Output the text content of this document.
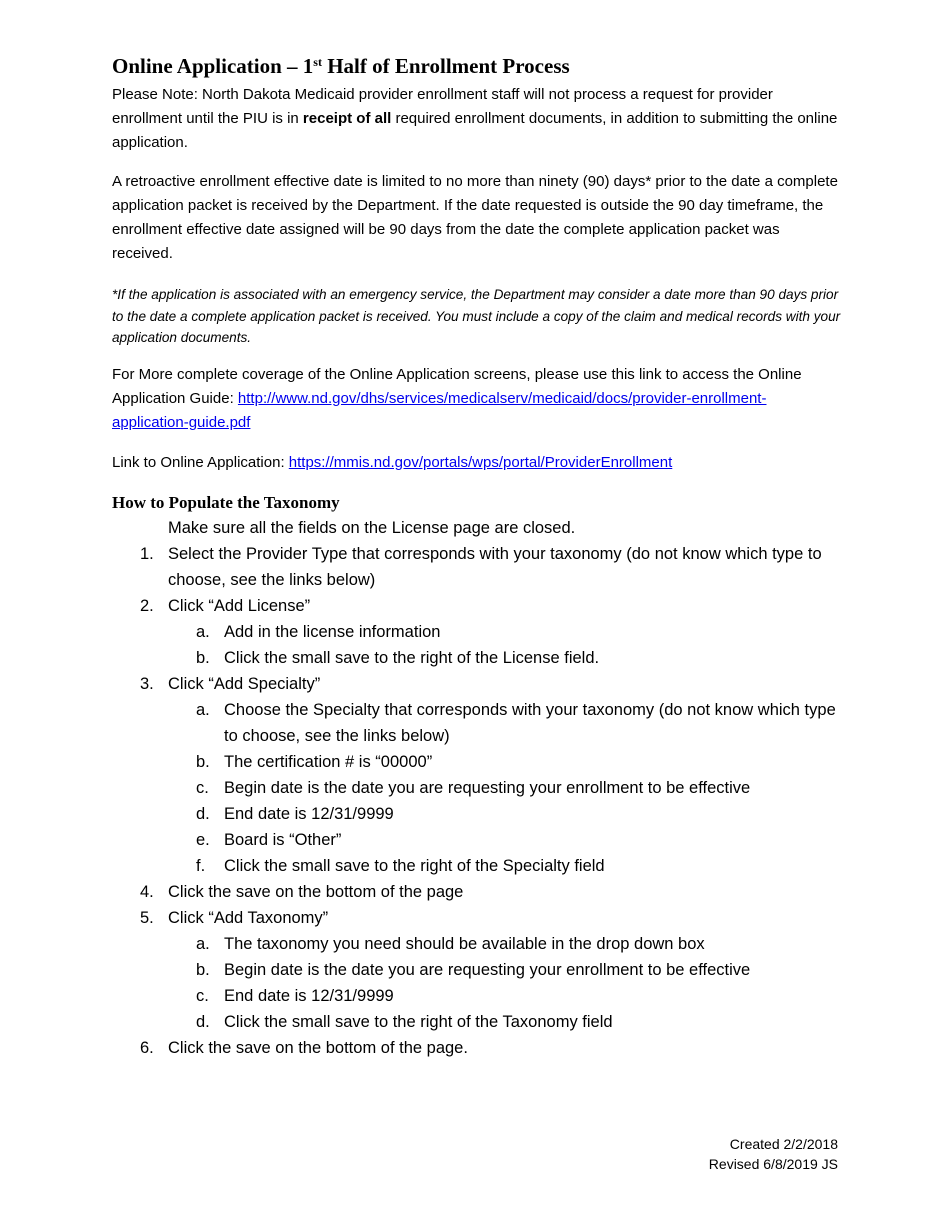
Online Application – 1st Half of Enrollment Process

Please Note: North Dakota Medicaid provider enrollment staff will not process a request for provider enrollment until the PIU is in receipt of all required enrollment documents, in addition to submitting the online application.

A retroactive enrollment effective date is limited to no more than ninety (90) days* prior to the date a complete application packet is received by the Department. If the date requested is outside the 90 day timeframe, the enrollment effective date assigned will be 90 days from the date the complete application packet was received.

*If the application is associated with an emergency service, the Department may consider a date more than 90 days prior to the date a complete application packet is received. You must include a copy of the claim and medical records with your application documents.

For More complete coverage of the Online Application screens, please use this link to access the Online Application Guide: http://www.nd.gov/dhs/services/medicalserv/medicaid/docs/provider-enrollment-application-guide.pdf

Link to Online Application: https://mmis.nd.gov/portals/wps/portal/ProviderEnrollment

How to Populate the Taxonomy
Make sure all the fields on the License page are closed.
1. Select the Provider Type that corresponds with your taxonomy (do not know which type to choose, see the links below)
2. Click “Add License”
a. Add in the license information
b. Click the small save to the right of the License field.
3. Click “Add Specialty”
a. Choose the Specialty that corresponds with your taxonomy (do not know which type to choose, see the links below)
b. The certification # is “00000”
c. Begin date is the date you are requesting your enrollment to be effective
d. End date is 12/31/9999
e. Board is “Other”
f. Click the small save to the right of the Specialty field
4. Click the save on the bottom of the page
5. Click “Add Taxonomy”
a. The taxonomy you need should be available in the drop down box
b. Begin date is the date you are requesting your enrollment to be effective
c. End date is 12/31/9999
d. Click the small save to the right of the Taxonomy field
6. Click the save on the bottom of the page.
Created 2/2/2018
Revised 6/8/2019 JS
